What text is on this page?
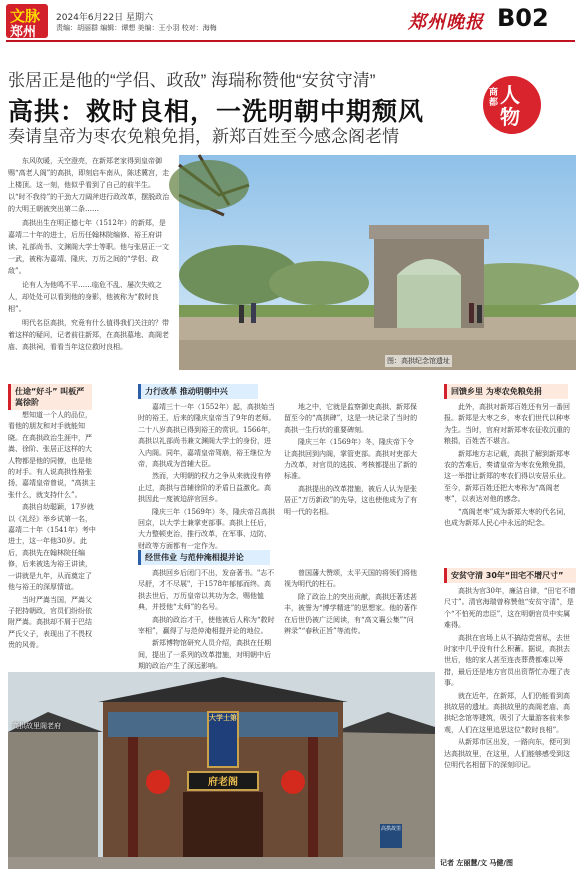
文脉
郑州
2024年6月22日 星期六
责编：胡丽群 编辑：谭想 美编：王小羽 校对：海梅	郑州晚报 B02
张居正是他的“学侣、政敌” 海瑞称赞他“安贫守清”
高拱：救时良相，一洗明朝中期颓风
奏请皇帝为枣农免粮免捐，新郑百姓至今感念阁老情
商都 人物

东风吹暖，天空澄亮，在新郑老家得到皇帝御赐“高老人阁”的高拱，即刻启车南从，陈述冀宫，走上楼顶。这一刻，他似乎看到了自己的前半生。以“时不我待”的干劲大刀阔斧进行政改革，摆脱政治的大明王朝被突出第二条……

高拱出生在明正德七年（1512年）的新郑，是嘉靖二十年的进士，后历任翰林院编修、裕王府讲读、礼部尚书、文渊阁大学士等职。他与张居正一文一武，被称为嘉靖、隆庆、万历之间的“学侣、政敌”。

论有人为他鸣不平……临危不乱、屡次失败之人，却处处可以看到他的身影，他被称为“救时良相”。

明代名臣高拱，究竟有什么值得我们关注的？带着这样的疑问，记者前往新郑，在高拱墓地、高阁老庙、高拱祠，看看当年这位救时良相。

图：高拱纪念馆遗址
仕途“好斗” 叫板严嵩徐阶

想知道一个人的品位，看他的朋友和对手就能知晓。在高拱政治生涯中，严嵩、徐阶、张居正这样的大人物都是他的同僚，也是他的对手。有人说高拱性格张扬，嘉靖皇帝曾说，“高拱主张什么，就支持什么”。

高拱自幼聪颖，17岁就以《礼经》举乡试第一名，嘉靖二十年（1541年）考中进士，这一年他30岁。此后，高拱先在翰林院任编修，后来被选为裕王讲读，一讲就是九年，从而奠定了他与裕王的深厚情谊。

当时严嵩当国，严嵩父子把持朝政，官员们纷纷依附严嵩。高拱却不屑于巴结严氏父子，表现出了不畏权贵的风骨。

力行改革 推动明朝中兴

嘉靖三十一年（1552年）起，高拱始当时的裕王，后来的隆庆皇帝当了9年的老师。二十八岁高拱已得到裕王的赏识。1566年，高拱以礼部尚书兼文渊阁大学士的身份，进入内阁。同年，嘉靖皇帝驾崩，裕王继位为帝，高拱成为首辅大臣。

然而，大明朝的权力之争从来就没有停止过，高拱与首辅徐阶的矛盾日益激化。高拱因此一度被迫辞官回乡。

隆庆三年（1569年）冬，隆庆帝召高拱回京，以大学士兼掌吏部事。高拱上任后，大力整顿吏治，推行改革，在军事、边防、财政等方面都有一定作为。

经世伟业 与范仲淹相提并论

高拱回乡后闭门不出，发奋著书。"志不尽舒，才不尽展"，于1578年郁郁而终。高拱去世后，万历皇帝以其功为念，赐他恤典，并授他“太师”的名号。

高拱的政治才干，使他被后人称为“救时宰相”，赢得了与范仲淹相提并论的地位。

新郑博物馆研究人员介绍，高拱在任期间，提出了一系列的改革措施，对明朝中后期的政治产生了深远影响。

地之中，它就是监察御史高拱、新郑保留至今的“高拱碑”，这是一块记录了当时的高拱一生行状的重要碑刻。

隆庆三年（1569年）冬，隆庆帝下令让高拱回到内阁，掌管吏部。高拱对吏部大力改革，对官员的选拔、考核都提出了新的标准。

高拱提出的改革措施，被后人认为是张居正“万历新政”的先导，这也使他成为了有明一代的名相。

曾国藩大赞颂，太平天国的将领们将他视为明代的柱石。

除了政治上的突出贡献，高拱还著述甚丰，被誉为“博学精进”的思想家。他的著作在后世仍被广泛阅读，有“高文襄公集”“问辨录”“春秋正旨”等流传。

回馈乡里 为枣农免粮免捐

此外，高拱对新郑百姓还有另一番回报。新郑是大枣之乡，枣农们世代以种枣为生。当时，官府对新郑枣农征收沉重的粮捐，百姓苦不堪言。

新郑地方志记载，高拱了解到新郑枣农的苦难后，奏请皇帝为枣农免粮免捐，这一举措让新郑的枣农们得以安居乐业。至今，新郑百姓还把大枣称为“高阁老枣”，以表达对他的感念。

“高阁老枣”成为新郑大枣的代名词，也成为新郑人民心中永远的纪念。

安贫守清 30年“田宅不增尺寸”

高拱为官30年，廉洁自律，“田宅不增尺寸”。清官海瑞曾称赞他“安贫守清”，是个“不怕死的忠臣”，这在明朝官员中实属难得。

高拱在官场上从不搞结党营私，去世时家中几乎没有什么积蓄。据说，高拱去世后，他的家人甚至连丧葬费都难以筹措，最后还是地方官员出资帮忙办理了丧事。

就在近年，在新郑，人们仍能看到高拱故居的遗址。高拱故里的高阁老庙、高拱纪念馆等建筑，吸引了大量游客前来参观，人们在这里追思这位“救时良相”。

从新郑市区出发，一路向东，便可到达高拱故里，在这里，人们能够感受到这位明代名相留下的深刻印记。

大学士第
府老阁
高拱故里
高拱故里阁老府
记者 左丽慧/文 马健/图
